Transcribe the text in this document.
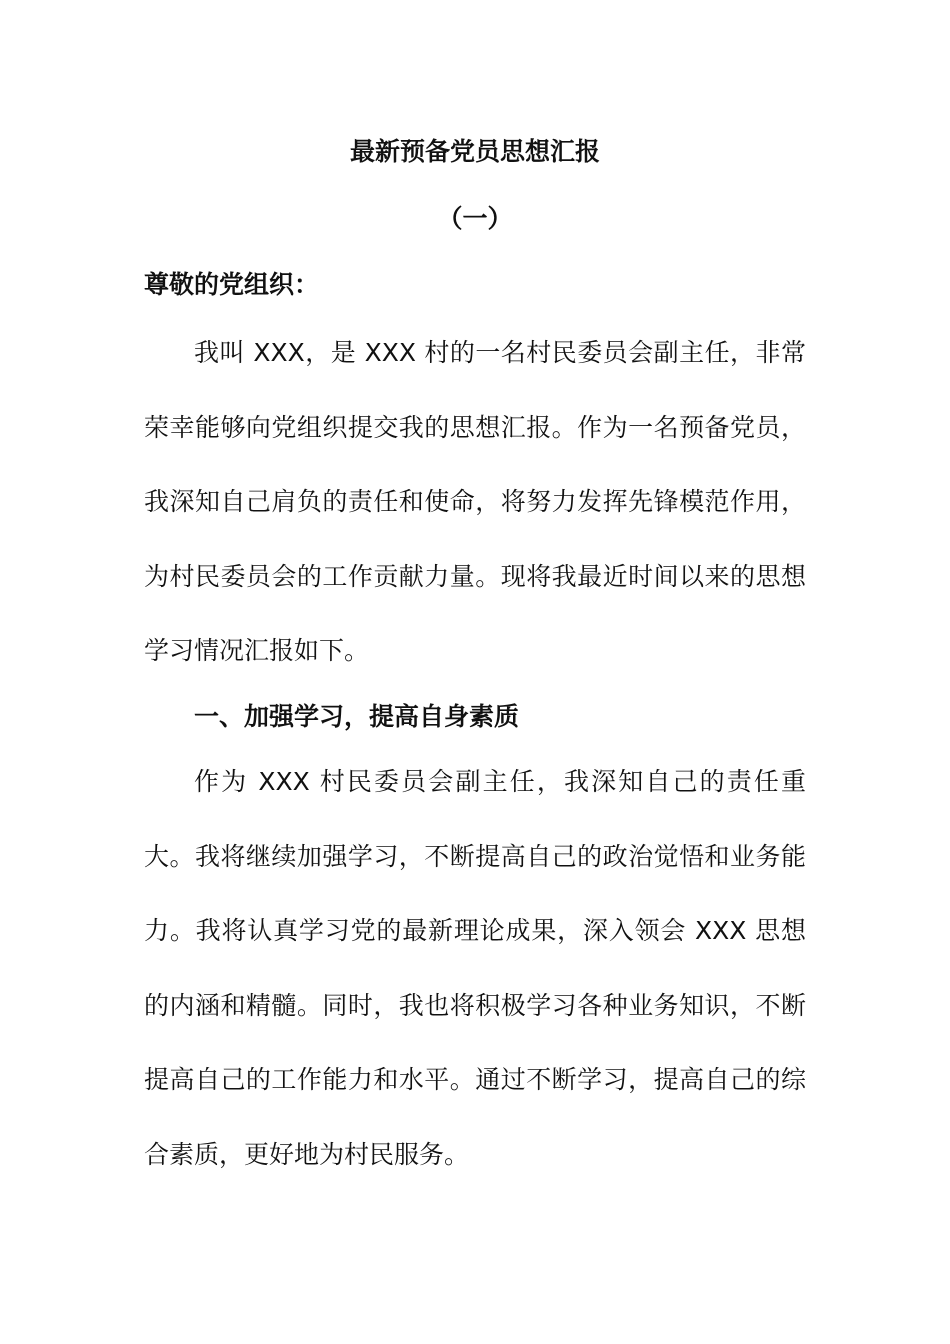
最新预备党员思想汇报
（一）
尊敬的党组织：

我叫 XXX，是 XXX 村的一名村民委员会副主任，非常荣幸能够向党组织提交我的思想汇报。作为一名预备党员，我深知自己肩负的责任和使命，将努力发挥先锋模范作用，为村民委员会的工作贡献力量。现将我最近时间以来的思想学习情况汇报如下。

一、加强学习，提高自身素质

作为 XXX 村民委员会副主任，我深知自己的责任重大。我将继续加强学习，不断提高自己的政治觉悟和业务能力。我将认真学习党的最新理论成果，深入领会 XXX 思想的内涵和精髓。同时，我也将积极学习各种业务知识，不断提高自己的工作能力和水平。通过不断学习，提高自己的综合素质，更好地为村民服务。
